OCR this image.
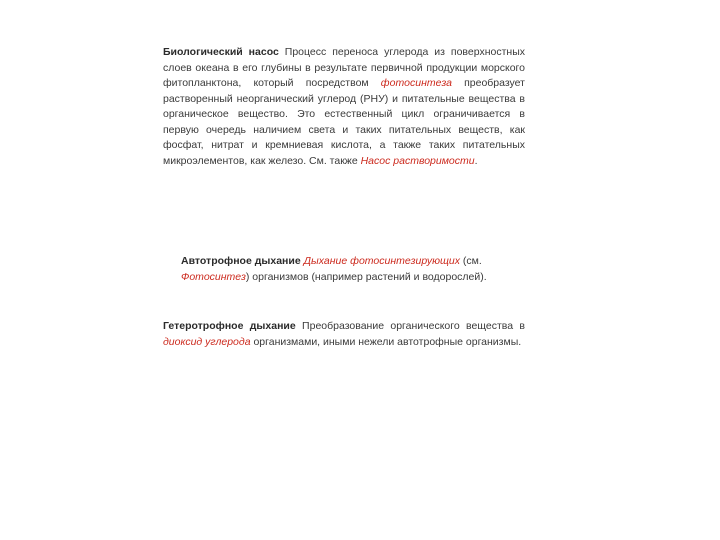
Биологический насос Процесс переноса углерода из поверхностных слоев океана в его глубины в результате первичной продукции морского фитопланктона, который посредством фотосинтеза преобразует растворенный неорганический углерод (РНУ) и питательные вещества в органическое вещество. Это естественный цикл ограничивается в первую очередь наличием света и таких питательных веществ, как фосфат, нитрат и кремниевая кислота, а также таких питательных микроэлементов, как железо. См. также Насос растворимости.
Автотрофное дыхание Дыхание фотосинтезирующих (см. Фотосинтез) организмов (например растений и водорослей).
Гетеротрофное дыхание Преобразование органического вещества в диоксид углерода организмами, иными нежели автотрофные организмы.
